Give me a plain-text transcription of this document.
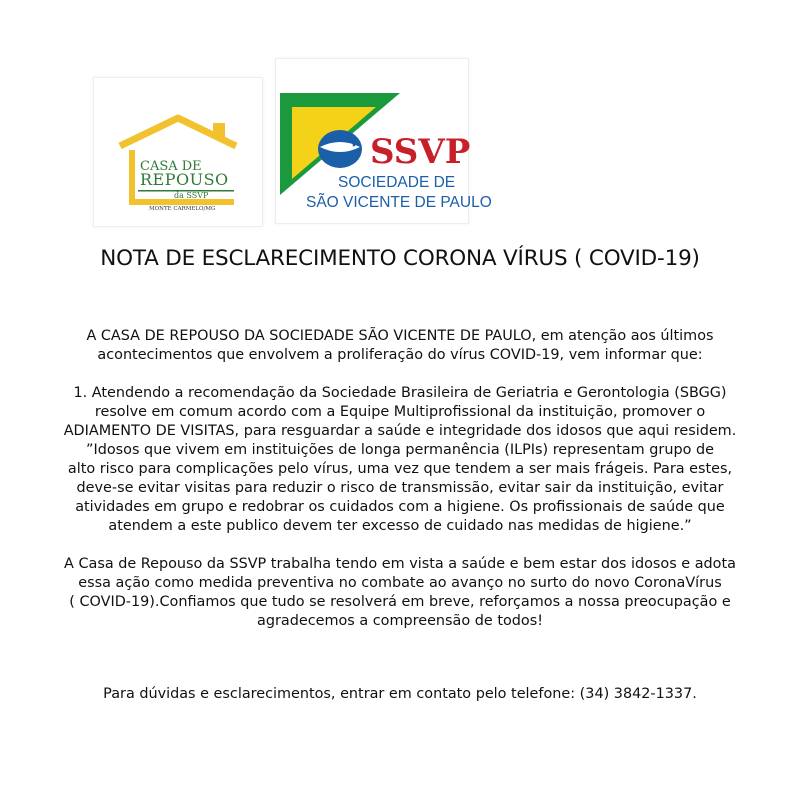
CASA DE
REPOUSO
da SSVP
MONTE CARMELO/MG
SSVP
SOCIEDADE DE
SÃO VICENTE DE PAULO
NOTA DE ESCLARECIMENTO CORONA VÍRUS ( COVID-19)
A CASA DE REPOUSO DA SOCIEDADE SÃO VICENTE DE PAULO, em atenção aos últimos
acontecimentos que envolvem a proliferação do vírus COVID-19, vem informar que:
1. Atendendo a recomendação da Sociedade Brasileira de Geriatria e Gerontologia (SBGG)
resolve em comum acordo com a Equipe Multiprofissional da instituição, promover o
ADIAMENTO DE VISITAS, para resguardar a saúde e integridade dos idosos que aqui residem.
”Idosos que vivem em instituições de longa permanência (ILPIs) representam grupo de
alto risco para complicações pelo vírus, uma vez que tendem a ser mais frágeis. Para estes,
deve-se evitar visitas para reduzir o risco de transmissão, evitar sair da instituição, evitar
atividades em grupo e redobrar os cuidados com a higiene. Os profissionais de saúde que
atendem a este publico devem ter excesso de cuidado nas medidas de higiene.”
A Casa de Repouso da SSVP trabalha tendo em vista a saúde e bem estar dos idosos e adota
essa ação como medida preventiva no combate ao avanço no surto do novo CoronaVírus
( COVID-19).Confiamos que tudo se resolverá em breve, reforçamos a nossa preocupação e
agradecemos a compreensão de todos!
Para dúvidas e esclarecimentos, entrar em contato pelo telefone: (34) 3842-1337.
